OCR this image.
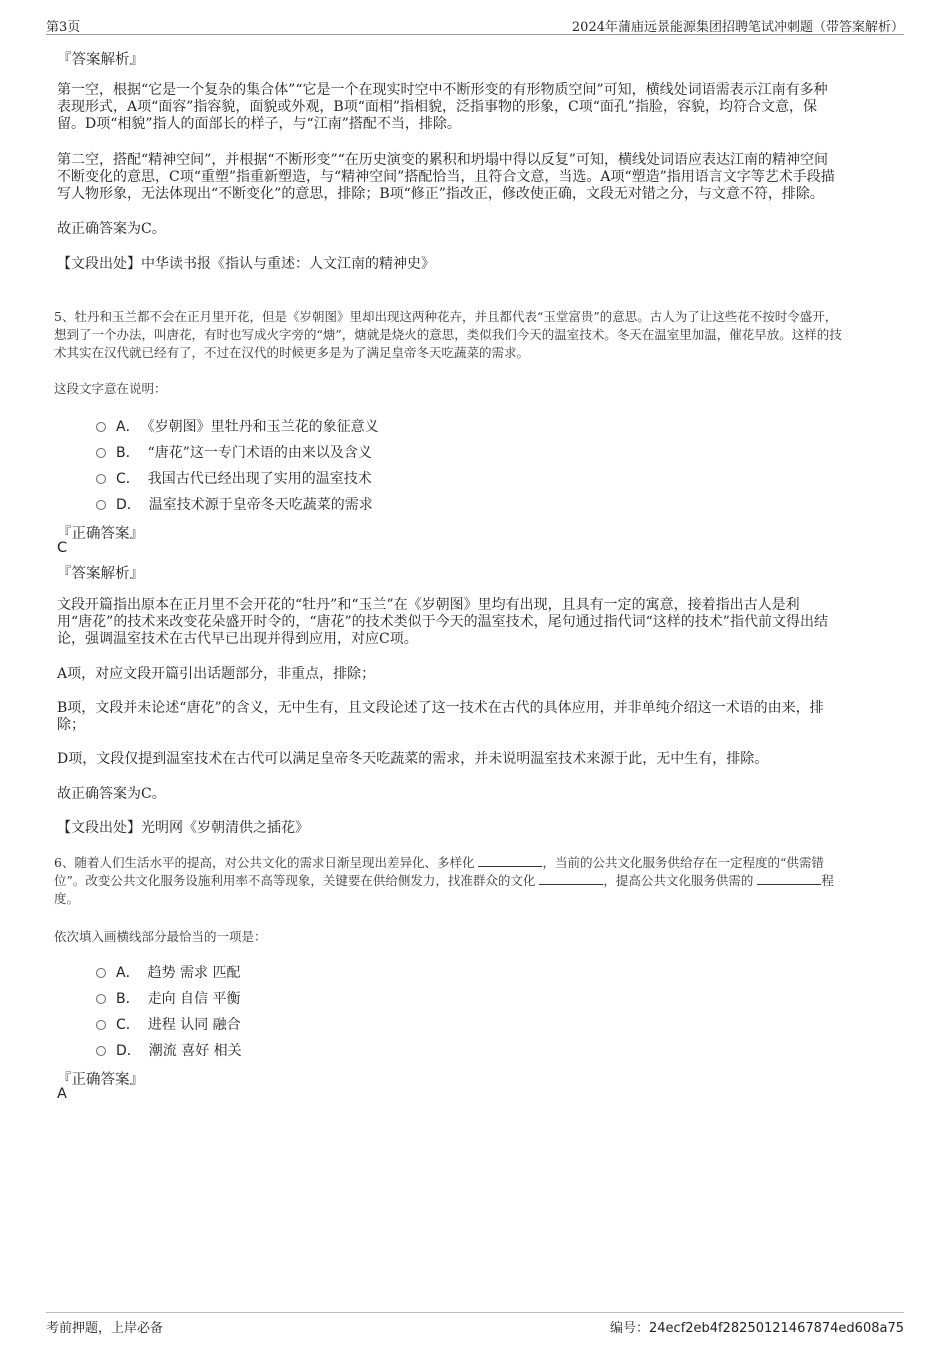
第3页	2024年蒲庙远景能源集团招聘笔试冲刺题（带答案解析）
『答案解析』
第一空，根据“它是一个复杂的集合体”“它是一个在现实时空中不断形变的有形物质空间”可知，横线处词语需表示江南有多种
表现形式，A项“面容”指容貌，面貌或外观，B项“面相”指相貌，泛指事物的形象，C项“面孔”指脸，容貌，均符合文意，保
留。D项“相貌”指人的面部长的样子，与“江南”搭配不当，排除。
第二空，搭配“精神空间”，并根据“不断形变”“在历史演变的累积和坍塌中得以反复”可知，横线处词语应表达江南的精神空间
不断变化的意思，C项“重塑”指重新塑造，与“精神空间”搭配恰当，且符合文意，当选。A项“塑造”指用语言文字等艺术手段描
写人物形象，无法体现出“不断变化”的意思，排除；B项“修正”指改正，修改使正确，文段无对错之分，与文意不符，排除。
故正确答案为C。
【文段出处】中华读书报《指认与重述：人文江南的精神史》
5、牡丹和玉兰都不会在正月里开花，但是《岁朝图》里却出现这两种花卉，并且都代表“玉堂富贵”的意思。古人为了让这些花不按时令盛开，
想到了一个办法，叫唐花，有时也写成火字旁的“煻”，煻就是烧火的意思，类似我们今天的温室技术。冬天在温室里加温，催花早放。这样的技
术其实在汉代就已经有了，不过在汉代的时候更多是为了满足皇帝冬天吃蔬菜的需求。
这段文字意在说明：
A． 《岁朝图》里牡丹和玉兰花的象征意义
B． “唐花”这一专门术语的由来以及含义
C． 我国古代已经出现了实用的温室技术
D． 温室技术源于皇帝冬天吃蔬菜的需求
『正确答案』
C
『答案解析』
文段开篇指出原本在正月里不会开花的“牡丹”和“玉兰”在《岁朝图》里均有出现，且具有一定的寓意，接着指出古人是利
用“唐花”的技术来改变花朵盛开时令的，“唐花”的技术类似于今天的温室技术，尾句通过指代词“这样的技术”指代前文得出结
论，强调温室技术在古代早已出现并得到应用，对应C项。
A项，对应文段开篇引出话题部分，非重点，排除；
B项，文段并未论述“唐花”的含义，无中生有，且文段论述了这一技术在古代的具体应用，并非单纯介绍这一术语的由来，排
除；
D项，文段仅提到温室技术在古代可以满足皇帝冬天吃蔬菜的需求，并未说明温室技术来源于此，无中生有，排除。
故正确答案为C。
【文段出处】光明网《岁朝清供之插花》
6、随着人们生活水平的提高，对公共文化的需求日渐呈现出差异化、多样化	，当前的公共文化服务供给存在一定程度的“供需错
位”。改变公共文化服务设施利用率不高等现象，关键要在供给侧发力，找准群众的文化	，提高公共文化服务供需的	程
度。
依次填入画横线部分最恰当的一项是：
A． 趋势 需求 匹配
B． 走向 自信 平衡
C． 进程 认同 融合
D． 潮流 喜好 相关
『正确答案』
A
考前押题，上岸必备	编号：24ecf2eb4f28250121467874ed608a75
